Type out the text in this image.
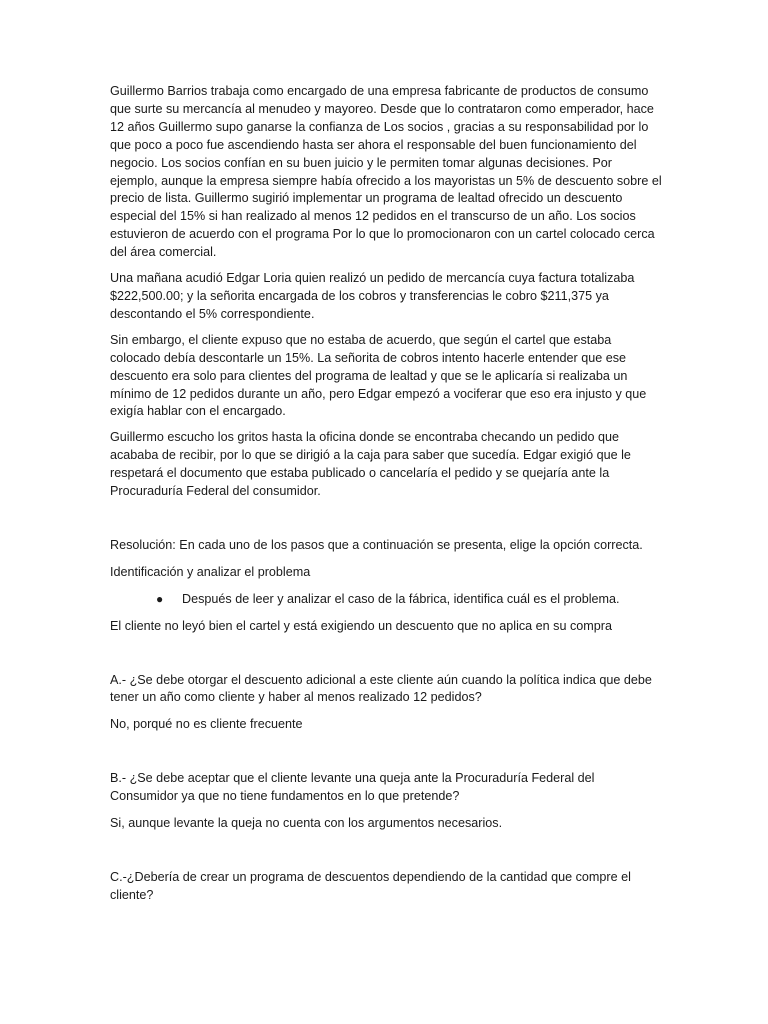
Guillermo Barrios trabaja como encargado de una empresa fabricante de productos de consumo que surte su mercancía al menudeo y mayoreo. Desde que lo contrataron como emperador, hace 12 años Guillermo supo ganarse la confianza de Los socios , gracias a su responsabilidad por lo que poco a poco fue ascendiendo hasta ser ahora el responsable del buen funcionamiento del negocio. Los socios confían en su buen juicio y le permiten tomar algunas decisiones. Por ejemplo, aunque la empresa siempre había ofrecido a los mayoristas un 5% de descuento sobre el precio de lista. Guillermo sugirió implementar un programa de lealtad ofrecido un descuento especial del 15% si han realizado al menos 12 pedidos en el transcurso de un año. Los socios estuvieron de acuerdo con el programa Por lo que lo promocionaron con un cartel colocado cerca del área comercial.

Una mañana acudió Edgar Loria quien realizó un pedido de mercancía cuya factura totalizaba $222,500.00; y la señorita encargada de los cobros y transferencias le cobro $211,375 ya descontando el 5% correspondiente.

Sin embargo, el cliente expuso que no estaba de acuerdo, que según el cartel que estaba colocado debía descontarle un 15%. La señorita de cobros intento hacerle entender que ese descuento era solo para clientes del programa de lealtad y que se le aplicaría si realizaba un mínimo de 12 pedidos durante un año, pero Edgar empezó a vociferar que eso era injusto y que exigía hablar con el encargado.

Guillermo escucho los gritos hasta la oficina donde se encontraba checando un pedido que acababa de recibir, por lo que se dirigió a la caja para saber que sucedía. Edgar exigió que le respetará el documento que estaba publicado o cancelaría el pedido y se quejaría ante la Procuraduría Federal del consumidor.

Resolución: En cada uno de los pasos que a continuación se presenta, elige la opción correcta.

Identificación y analizar el problema

●	Después de leer y analizar el caso de la fábrica, identifica cuál es el problema.

El cliente no leyó bien el cartel y está exigiendo un descuento que no aplica en su compra

A.- ¿Se debe otorgar el descuento adicional a este cliente aún cuando la política indica que debe tener un año como cliente y haber al menos realizado 12 pedidos?

No, porqué no es cliente frecuente

B.- ¿Se debe aceptar que el cliente levante una queja ante la Procuraduría Federal del Consumidor ya que no tiene fundamentos en lo que pretende?

Si, aunque levante la queja no cuenta con los argumentos necesarios.

C.-¿Debería de crear un programa de descuentos dependiendo de la cantidad que compre el cliente?
